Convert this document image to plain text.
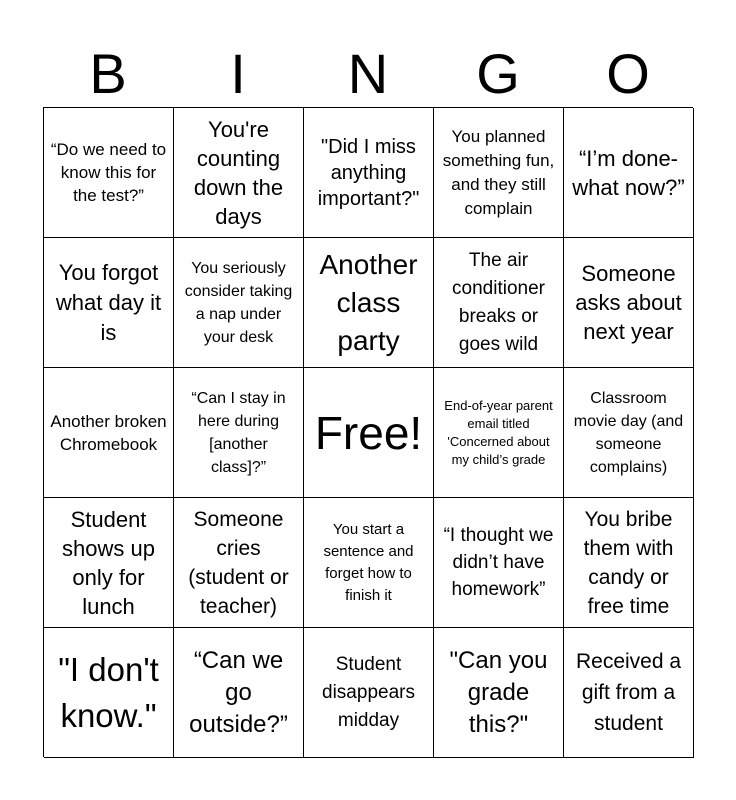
B	I	N	G	O
“Do we need to know this for the test?”
You're counting down the days
"Did I miss anything important?"
You planned something fun, and they still complain
“I’m done-what now?”
You forgot what day it is
You seriously consider taking a nap under your desk
Another class party
The air conditioner breaks or goes wild
Someone asks about next year
Another broken Chromebook
“Can I stay in here during [another class]?”
Free!
End-of-year parent email titled 'Concerned about my child’s grade
Classroom movie day (and someone complains)
Student shows up only for lunch
Someone cries (student or teacher)
You start a sentence and forget how to finish it
“I thought we didn’t have homework”
You bribe them with candy or free time
"I don't know."
“Can we go outside?”
Student disappears midday
"Can you grade this?"
Received a gift from a student
